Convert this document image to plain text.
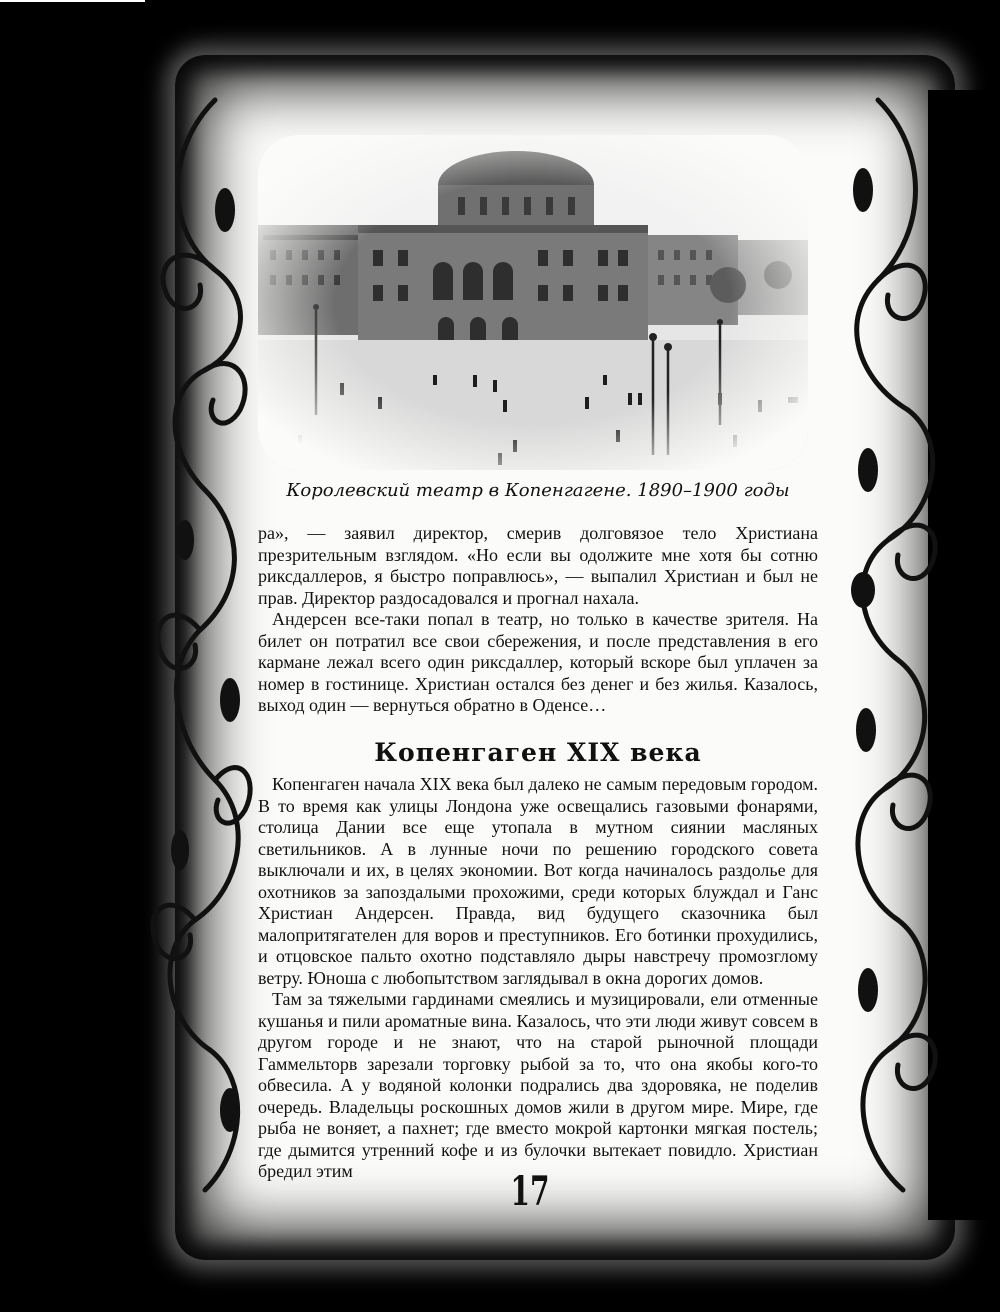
Королевский театр в Копенгагене. 1890–1900 годы

ра», — заявил директор, смерив долговязое тело Христиана презрительным взглядом. «Но если вы одолжите мне хотя бы сотню риксдаллеров, я быстро поправлюсь», — выпалил Христиан и был не прав. Директор раздосадовался и прогнал нахала.

Андерсен все-таки попал в театр, но только в качестве зрителя. На билет он потратил все свои сбережения, и после представления в его кармане лежал всего один риксдаллер, который вскоре был уплачен за номер в гостинице. Христиан остался без денег и без жилья. Казалось, выход один — вернуться обратно в Оденсе…

Копенгаген XIX века

Копенгаген начала XIX века был далеко не самым передовым городом. В то время как улицы Лондона уже освещались газовыми фонарями, столица Дании все еще утопала в мутном сиянии масляных светильников. А в лунные ночи по решению городского совета выключали и их, в целях экономии. Вот когда начиналось раздолье для охотников за запоздалыми прохожими, среди которых блуждал и Ганс Христиан Андерсен. Правда, вид будущего сказочника был малопритягателен для воров и преступников. Его ботинки прохудились, и отцовское пальто охотно подставляло дыры навстречу промозглому ветру. Юноша с любопытством заглядывал в окна дорогих домов.

Там за тяжелыми гардинами смеялись и музицировали, ели отменные кушанья и пили ароматные вина. Казалось, что эти люди живут совсем в другом городе и не знают, что на старой рыночной площади Гаммельторв зарезали торговку рыбой за то, что она якобы кого-то обвесила. А у водяной колонки подрались два здоровяка, не поделив очередь. Владельцы роскошных домов жили в другом мире. Мире, где рыба не воняет, а пахнет; где вместо мокрой картонки мягкая постель; где дымится утренний кофе и из булочки вытекает повидло. Христиан бредил этим	17
